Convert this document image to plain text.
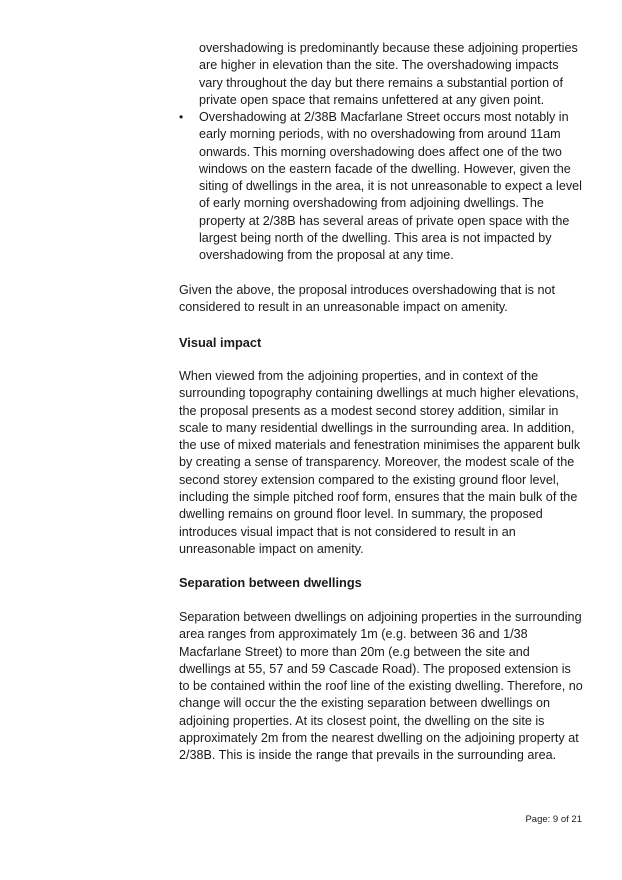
overshadowing is predominantly because these adjoining properties are higher in elevation than the site. The overshadowing impacts vary throughout the day but there remains a substantial portion of private open space that remains unfettered at any given point.

•	Overshadowing at 2/38B Macfarlane Street occurs most notably in early morning periods, with no overshadowing from around 11am onwards. This morning overshadowing does affect one of the two windows on the eastern facade of the dwelling. However, given the siting of dwellings in the area, it is not unreasonable to expect a level of early morning overshadowing from adjoining dwellings. The property at 2/38B has several areas of private open space with the largest being north of the dwelling. This area is not impacted by overshadowing from the proposal at any time.

Given the above, the proposal introduces overshadowing that is not considered to result in an unreasonable impact on amenity.

Visual impact

When viewed from the adjoining properties, and in context of the surrounding topography containing dwellings at much higher elevations, the proposal presents as a modest second storey addition, similar in scale to many residential dwellings in the surrounding area. In addition, the use of mixed materials and fenestration minimises the apparent bulk by creating a sense of transparency. Moreover, the modest scale of the second storey extension compared to the existing ground floor level, including the simple pitched roof form, ensures that the main bulk of the dwelling remains on ground floor level. In summary, the proposed introduces visual impact that is not considered to result in an unreasonable impact on amenity.

Separation between dwellings

Separation between dwellings on adjoining properties in the surrounding area ranges from approximately 1m (e.g. between 36 and 1/38 Macfarlane Street) to more than 20m (e.g between the site and dwellings at 55, 57 and 59 Cascade Road). The proposed extension is to be contained within the roof line of the existing dwelling. Therefore, no change will occur the the existing separation between dwellings on adjoining properties. At its closest point, the dwelling on the site is approximately 2m from the nearest dwelling on the adjoining property at 2/38B. This is inside the range that prevails in the surrounding area.

Page: 9 of 21
